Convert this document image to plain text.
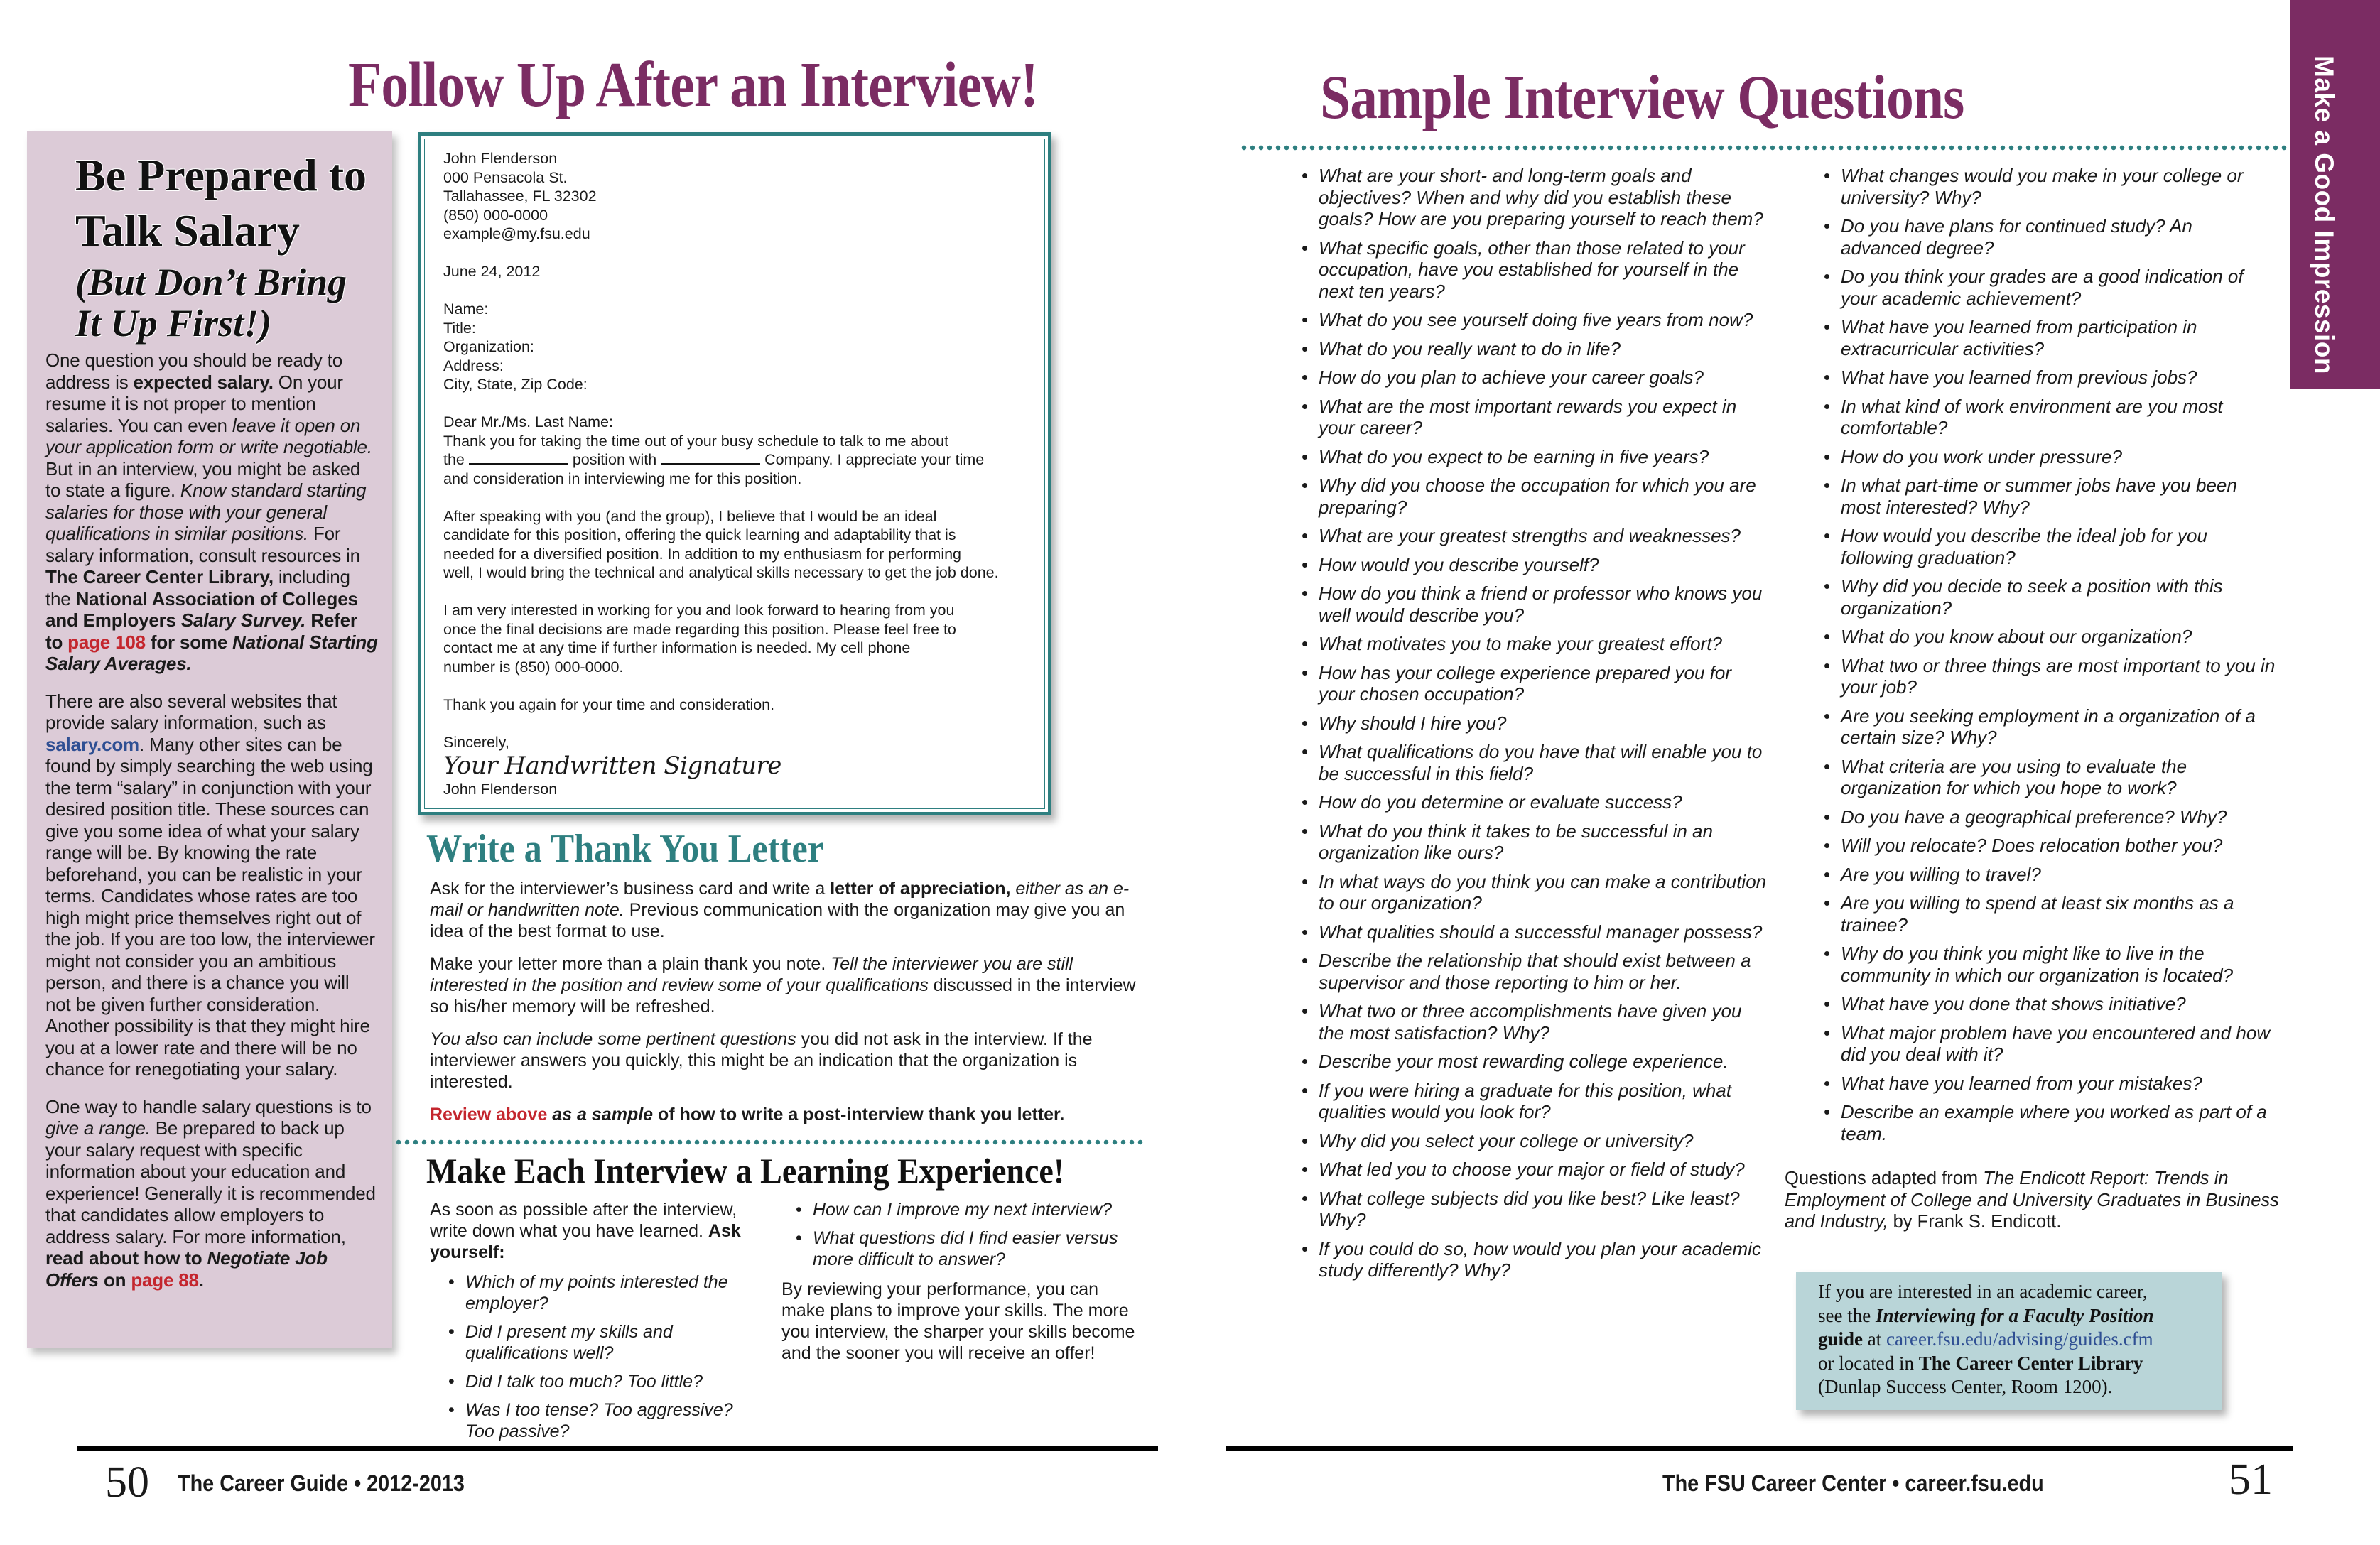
Follow Up After an Interview!
Be Prepared to
Talk Salary
(But Don’t Bring
It Up First!)

One question you should be ready to address is expected salary. On your resume it is not proper to mention salaries. You can even leave it open on your application form or write negotiable. But in an interview, you might be asked to state a figure. Know standard starting salaries for those with your general qualifications in similar positions. For salary information, consult resources in The Career Center Library, including the National Association of Colleges and Employers Salary Survey. Refer to page 108 for some National Starting Salary Averages.

There are also several websites that provide salary information, such as salary.com. Many other sites can be found by simply searching the web using the term “salary” in conjunction with your desired position title. These sources can give you some idea of what your salary range will be. By knowing the rate beforehand, you can be realistic in your terms. Candidates whose rates are too high might price themselves right out of the job. If you are too low, the interviewer might not consider you an ambitious person, and there is a chance you will not be given further consideration. Another possibility is that they might hire you at a lower rate and there will be no chance for renegotiating your salary.

One way to handle salary questions is to give a range. Be prepared to back up your salary request with specific information about your education and experience! Generally it is recommended that candidates allow employers to address salary. For more information, read about how to Negotiate Job Offers on page 88.

John Flenderson
000 Pensacola St.
Tallahassee, FL 32302
(850) 000-0000
example@my.fsu.edu
June 24, 2012
Name:
Title:
Organization:
Address:
City, State, Zip Code:
Dear Mr./Ms. Last Name:
Thank you for taking the time out of your busy schedule to talk to me about
the	position with	Company. I appreciate your time
and consideration in interviewing me for this position.
After speaking with you (and the group), I believe that I would be an ideal
candidate for this position, offering the quick learning and adaptability that is
needed for a diversified position. In addition to my enthusiasm for performing
well, I would bring the technical and analytical skills necessary to get the job done.
I am very interested in working for you and look forward to hearing from you
once the final decisions are made regarding this position. Please feel free to
contact me at any time if further information is needed. My cell phone
number is (850) 000-0000.
Thank you again for your time and consideration.
Sincerely,
Your Handwritten Signature
John Flenderson
Write a Thank You Letter

Ask for the interviewer’s business card and write a letter of appreciation, either as an e-mail or handwritten note. Previous communication with the organization may give you an idea of the best format to use.

Make your letter more than a plain thank you note. Tell the interviewer you are still interested in the position and review some of your qualifications discussed in the interview so his/her memory will be refreshed.

You also can include some pertinent questions you did not ask in the interview. If the interviewer answers you quickly, this might be an indication that the organization is interested.

Review above as a sample of how to write a post-interview thank you letter.

Make Each Interview a Learning Experience!
As soon as possible after the interview, write down what you have learned. Ask yourself:
• Which of my points interested the employer?
• Did I present my skills and qualifications well?
• Did I talk too much? Too little?
• Was I too tense? Too aggressive? Too passive?
• How can I improve my next interview?
• What questions did I find easier versus more difficult to answer?
By reviewing your performance, you can make plans to improve your skills. The more you interview, the sharper your skills become and the sooner you will receive an offer!
50 The Career Guide • 2012-2013
Sample Interview Questions	Make a Good Impression
• What are your short- and long-term goals and objectives? When and why did you establish these goals? How are you preparing yourself to reach them?
• What specific goals, other than those related to your occupation, have you established for yourself in the next ten years?
• What do you see yourself doing five years from now?
• What do you really want to do in life?
• How do you plan to achieve your career goals?
• What are the most important rewards you expect in your career?
• What do you expect to be earning in five years?
• Why did you choose the occupation for which you are preparing?
• What are your greatest strengths and weaknesses?
• How would you describe yourself?
• How do you think a friend or professor who knows you well would describe you?
• What motivates you to make your greatest effort?
• How has your college experience prepared you for your chosen occupation?
• Why should I hire you?
• What qualifications do you have that will enable you to be successful in this field?
• How do you determine or evaluate success?
• What do you think it takes to be successful in an organization like ours?
• In what ways do you think you can make a contribution to our organization?
• What qualities should a successful manager possess?
• Describe the relationship that should exist between a supervisor and those reporting to him or her.
• What two or three accomplishments have given you the most satisfaction? Why?
• Describe your most rewarding college experience.
• If you were hiring a graduate for this position, what qualities would you look for?
• Why did you select your college or university?
• What led you to choose your major or field of study?
• What college subjects did you like best? Like least? Why?
• If you could do so, how would you plan your academic study differently? Why?
• What changes would you make in your college or university? Why?
• Do you have plans for continued study? An advanced degree?
• Do you think your grades are a good indication of your academic achievement?
• What have you learned from participation in extracurricular activities?
• What have you learned from previous jobs?
• In what kind of work environment are you most comfortable?
• How do you work under pressure?
• In what part-time or summer jobs have you been most interested? Why?
• How would you describe the ideal job for you following graduation?
• Why did you decide to seek a position with this organization?
• What do you know about our organization?
• What two or three things are most important to you in your job?
• Are you seeking employment in a organization of a certain size? Why?
• What criteria are you using to evaluate the organization for which you hope to work?
• Do you have a geographical preference? Why?
• Will you relocate? Does relocation bother you?
• Are you willing to travel?
• Are you willing to spend at least six months as a trainee?
• Why do you think you might like to live in the community in which our organization is located?
• What have you done that shows initiative?
• What major problem have you encountered and how did you deal with it?
• What have you learned from your mistakes?
• Describe an example where you worked as part of a team.
Questions adapted from The Endicott Report: Trends in Employment of College and University Graduates in Business and Industry, by Frank S. Endicott.
If you are interested in an academic career,
see the Interviewing for a Faculty Position
guide at career.fsu.edu/advising/guides.cfm
or located in The Career Center Library
(Dunlap Success Center, Room 1200).
The FSU Career Center • career.fsu.edu	51
